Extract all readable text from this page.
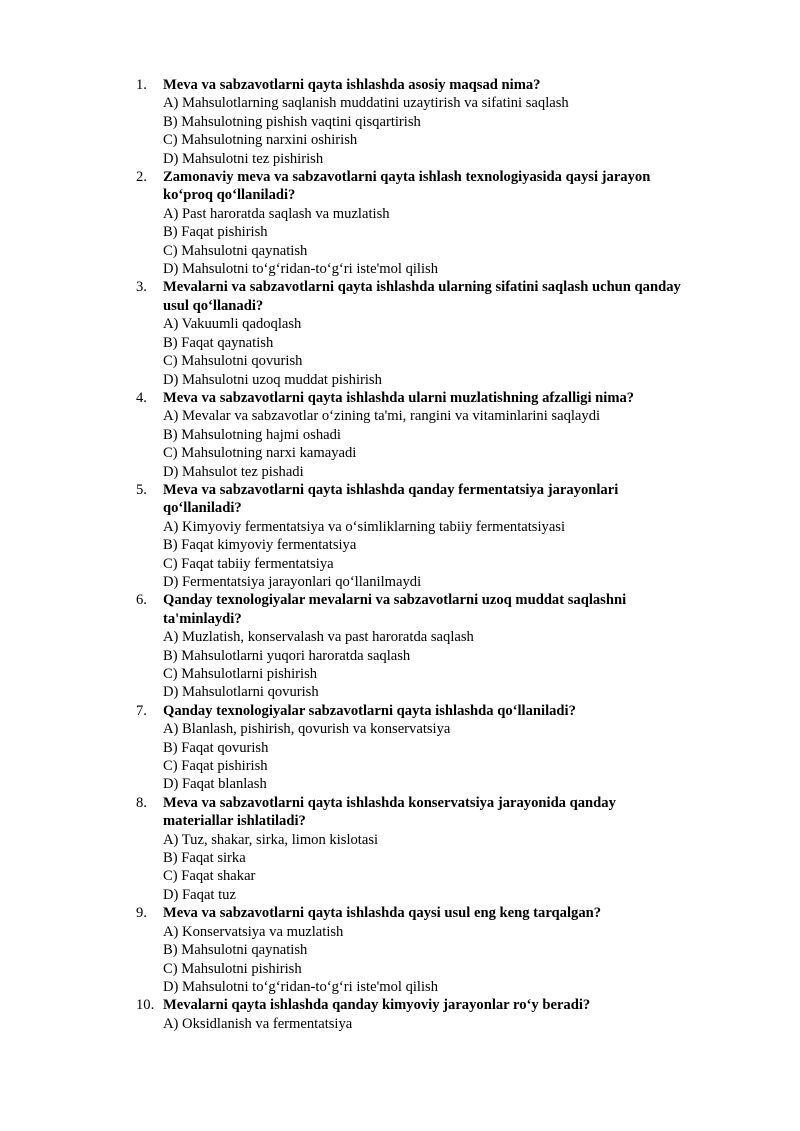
1.	Meva va sabzavotlarni qayta ishlashda asosiy maqsad nima?
A) Mahsulotlarning saqlanish muddatini uzaytirish va sifatini saqlash
B) Mahsulotning pishish vaqtini qisqartirish
C) Mahsulotning narxini oshirish
D) Mahsulotni tez pishirish
2.	Zamonaviy meva va sabzavotlarni qayta ishlash texnologiyasida qaysi jarayon
ko‘proq qo‘llaniladi?
A) Past haroratda saqlash va muzlatish
B) Faqat pishirish
C) Mahsulotni qaynatish
D) Mahsulotni to‘g‘ridan-to‘g‘ri iste'mol qilish
3.	Mevalarni va sabzavotlarni qayta ishlashda ularning sifatini saqlash uchun qanday
usul qo‘llanadi?
A) Vakuumli qadoqlash
B) Faqat qaynatish
C) Mahsulotni qovurish
D) Mahsulotni uzoq muddat pishirish
4.	Meva va sabzavotlarni qayta ishlashda ularni muzlatishning afzalligi nima?
A) Mevalar va sabzavotlar o‘zining ta'mi, rangini va vitaminlarini saqlaydi
B) Mahsulotning hajmi oshadi
C) Mahsulotning narxi kamayadi
D) Mahsulot tez pishadi
5.	Meva va sabzavotlarni qayta ishlashda qanday fermentatsiya jarayonlari
qo‘llaniladi?
A) Kimyoviy fermentatsiya va o‘simliklarning tabiiy fermentatsiyasi
B) Faqat kimyoviy fermentatsiya
C) Faqat tabiiy fermentatsiya
D) Fermentatsiya jarayonlari qo‘llanilmaydi
6.	Qanday texnologiyalar mevalarni va sabzavotlarni uzoq muddat saqlashni
ta'minlaydi?
A) Muzlatish, konservalash va past haroratda saqlash
B) Mahsulotlarni yuqori haroratda saqlash
C) Mahsulotlarni pishirish
D) Mahsulotlarni qovurish
7.	Qanday texnologiyalar sabzavotlarni qayta ishlashda qo‘llaniladi?
A) Blanlash, pishirish, qovurish va konservatsiya
B) Faqat qovurish
C) Faqat pishirish
D) Faqat blanlash
8.	Meva va sabzavotlarni qayta ishlashda konservatsiya jarayonida qanday
materiallar ishlatiladi?
A) Tuz, shakar, sirka, limon kislotasi
B) Faqat sirka
C) Faqat shakar
D) Faqat tuz
9.	Meva va sabzavotlarni qayta ishlashda qaysi usul eng keng tarqalgan?
A) Konservatsiya va muzlatish
B) Mahsulotni qaynatish
C) Mahsulotni pishirish
D) Mahsulotni to‘g‘ridan-to‘g‘ri iste'mol qilish
10. Mevalarni qayta ishlashda qanday kimyoviy jarayonlar ro‘y beradi?
A) Oksidlanish va fermentatsiya
